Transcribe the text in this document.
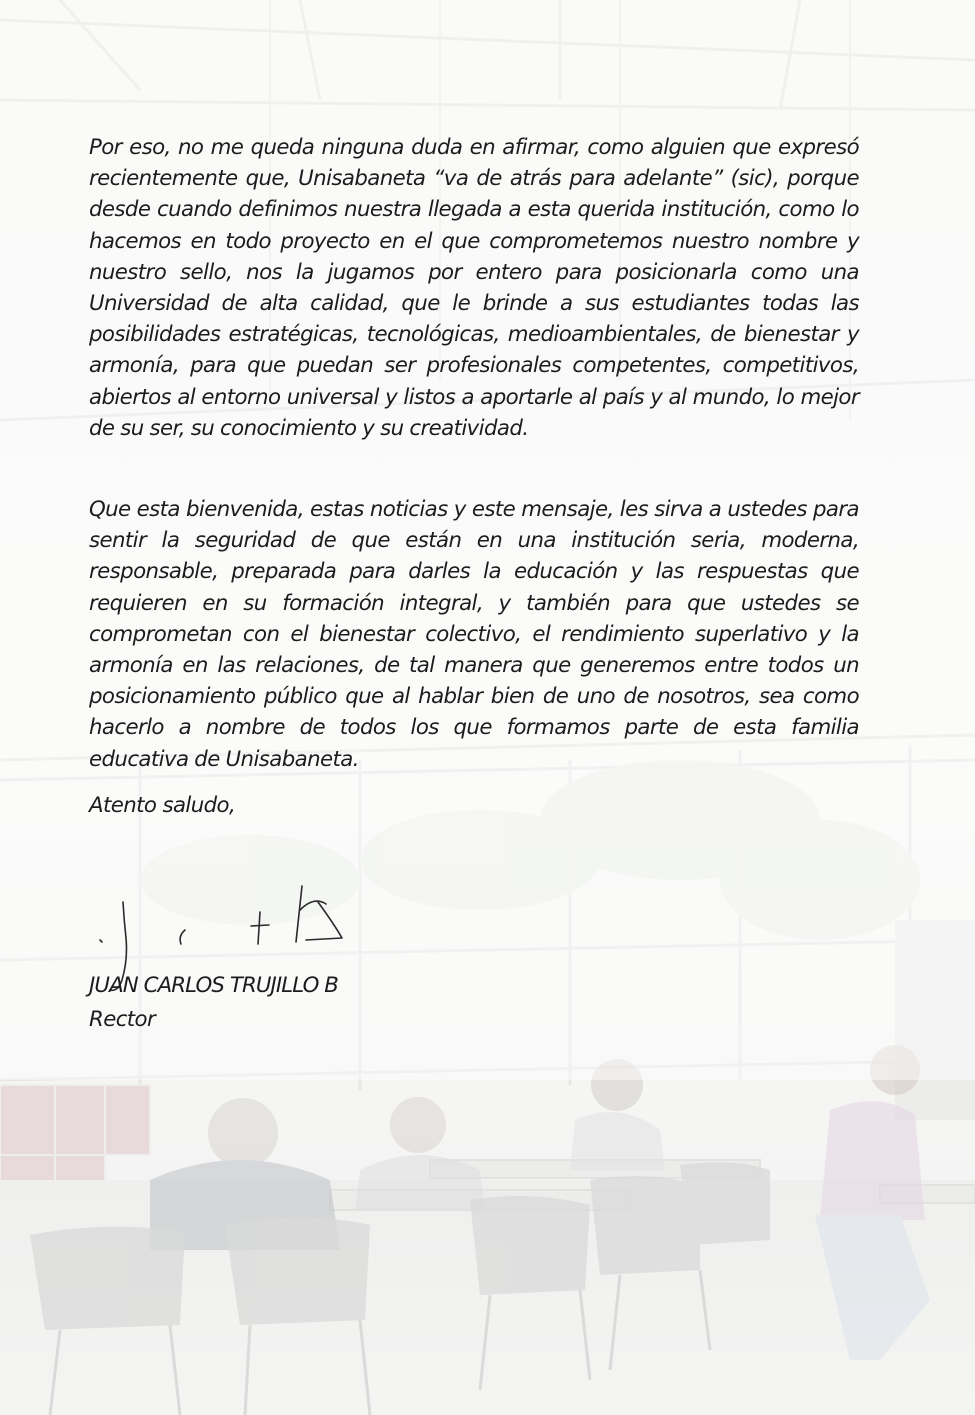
Por eso, no me queda ninguna duda en afirmar, como alguien que expresó recientemente que, Unisabaneta “va de atrás para adelante” (sic), porque desde cuando definimos nuestra llegada a esta querida institución, como lo hacemos en todo proyecto en el que comprometemos nuestro nombre y nuestro sello, nos la jugamos por entero para posicionarla como una Universidad de alta calidad, que le brinde a sus estudiantes todas las posibilidades estratégicas, tecnológicas, medioambientales, de bienestar y armonía, para que puedan ser profesionales competentes, competitivos, abiertos al entorno universal y listos a aportarle al país y al mundo, lo mejor de su ser, su conocimiento y su creatividad.

Que esta bienvenida, estas noticias y este mensaje, les sirva a ustedes para sentir la seguridad de que están en una institución seria, moderna, responsable, preparada para darles la educación y las respuestas que requieren en su formación integral, y también para que ustedes se comprometan con el bienestar colectivo, el rendimiento superlativo y la armonía en las relaciones, de tal manera que generemos entre todos un posicionamiento público que al hablar bien de uno de nosotros, sea como hacerlo a nombre de todos los que formamos parte de esta familia educativa de Unisabaneta.

Atento saludo,
JUAN CARLOS TRUJILLO B
Rector
